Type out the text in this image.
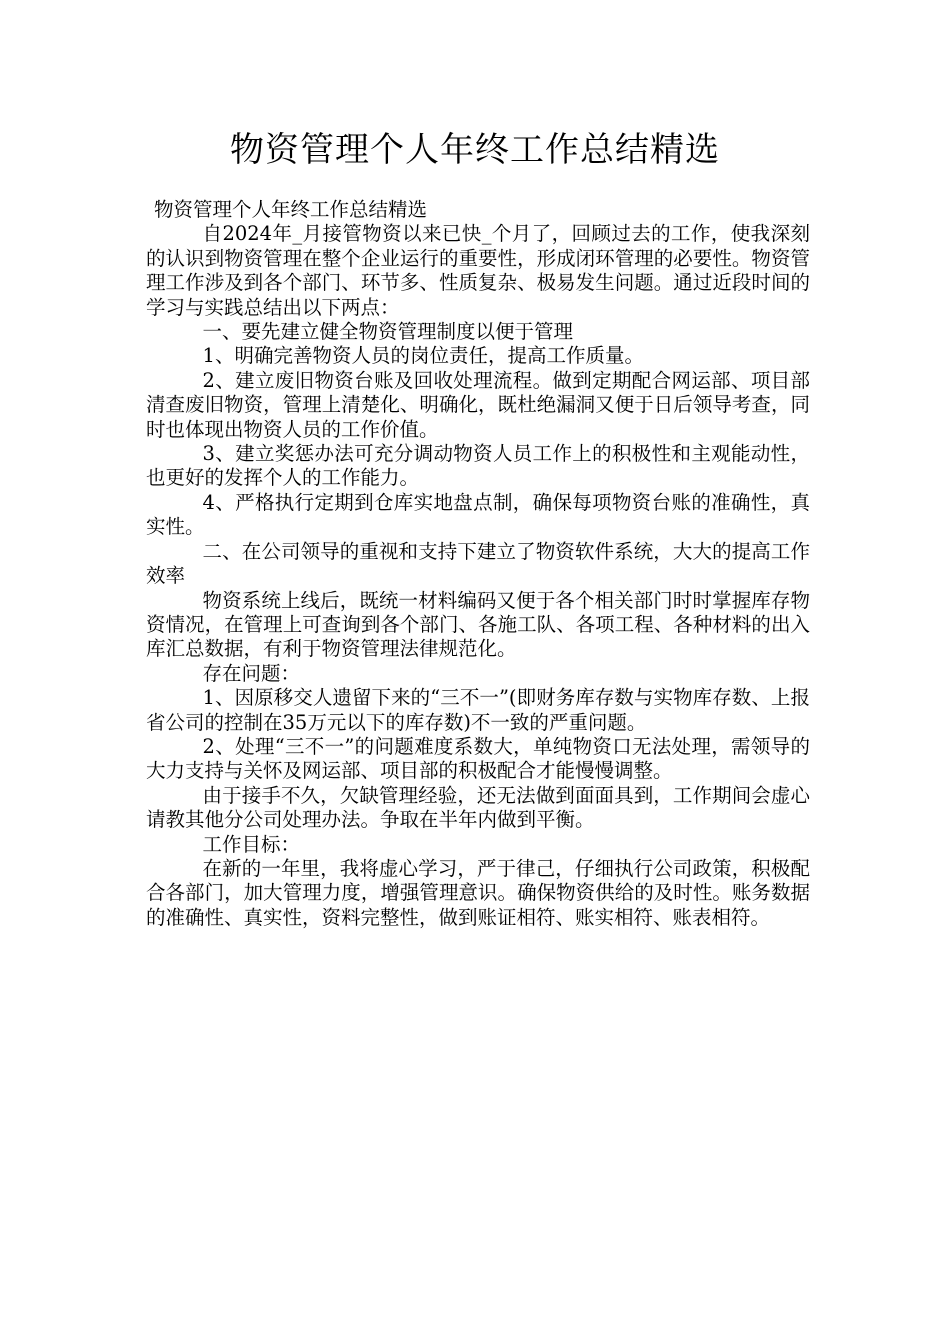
物资管理个人年终工作总结精选

物资管理个人年终工作总结精选

自2024年_月接管物资以来已快_个月了，回顾过去的工作，使我深刻的认识到物资管理在整个企业运行的重要性，形成闭环管理的必要性。物资管理工作涉及到各个部门、环节多、性质复杂、极易发生问题。通过近段时间的学习与实践总结出以下两点：

一、要先建立健全物资管理制度以便于管理

1、明确完善物资人员的岗位责任，提高工作质量。

2、建立废旧物资台账及回收处理流程。做到定期配合网运部、项目部清查废旧物资，管理上清楚化、明确化，既杜绝漏洞又便于日后领导考查，同时也体现出物资人员的工作价值。

3、建立奖惩办法可充分调动物资人员工作上的积极性和主观能动性，也更好的发挥个人的工作能力。

4、严格执行定期到仓库实地盘点制，确保每项物资台账的准确性，真实性。

二、在公司领导的重视和支持下建立了物资软件系统，大大的提高工作效率

物资系统上线后，既统一材料编码又便于各个相关部门时时掌握库存物资情况，在管理上可查询到各个部门、各施工队、各项工程、各种材料的出入库汇总数据，有利于物资管理法律规范化。

存在问题：

1、因原移交人遗留下来的“三不一”(即财务库存数与实物库存数、上报省公司的控制在35万元以下的库存数)不一致的严重问题。

2、处理“三不一”的问题难度系数大，单纯物资口无法处理，需领导的大力支持与关怀及网运部、项目部的积极配合才能慢慢调整。

由于接手不久，欠缺管理经验，还无法做到面面具到，工作期间会虚心请教其他分公司处理办法。争取在半年内做到平衡。

工作目标：

在新的一年里，我将虚心学习，严于律己，仔细执行公司政策，积极配合各部门，加大管理力度，增强管理意识。确保物资供给的及时性。账务数据的准确性、真实性，资料完整性，做到账证相符、账实相符、账表相符。
